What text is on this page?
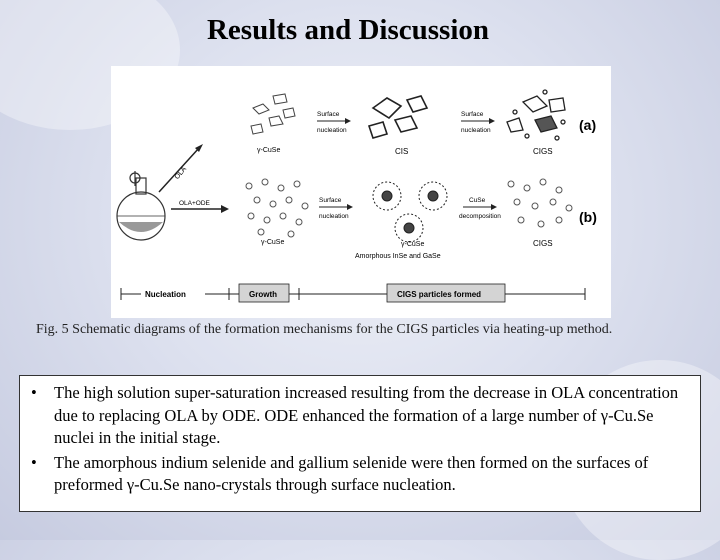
Results and Discussion
OLA
OLA+ODE
γ-CuSe
Surface
nucleation
CIS
Surface
nucleation
CIGS
(a)
γ-CuSe
Surface
nucleation
γ-CuSe
Amorphous InSe and GaSe
CuSe
decomposition
CIGS
(b)
Nucleation	Growth	CIGS particles formed
Fig. 5 Schematic diagrams of the formation mechanisms for the CIGS particles via heating-up method.
• The high solution super-saturation increased resulting from the decrease in OLA concentration due to replacing OLA by ODE. ODE enhanced the formation of a large number of γ-Cu.Se nuclei in the initial stage.
• The amorphous indium selenide and gallium selenide were then formed on the surfaces of preformed γ-Cu.Se nano-crystals through surface nucleation.
